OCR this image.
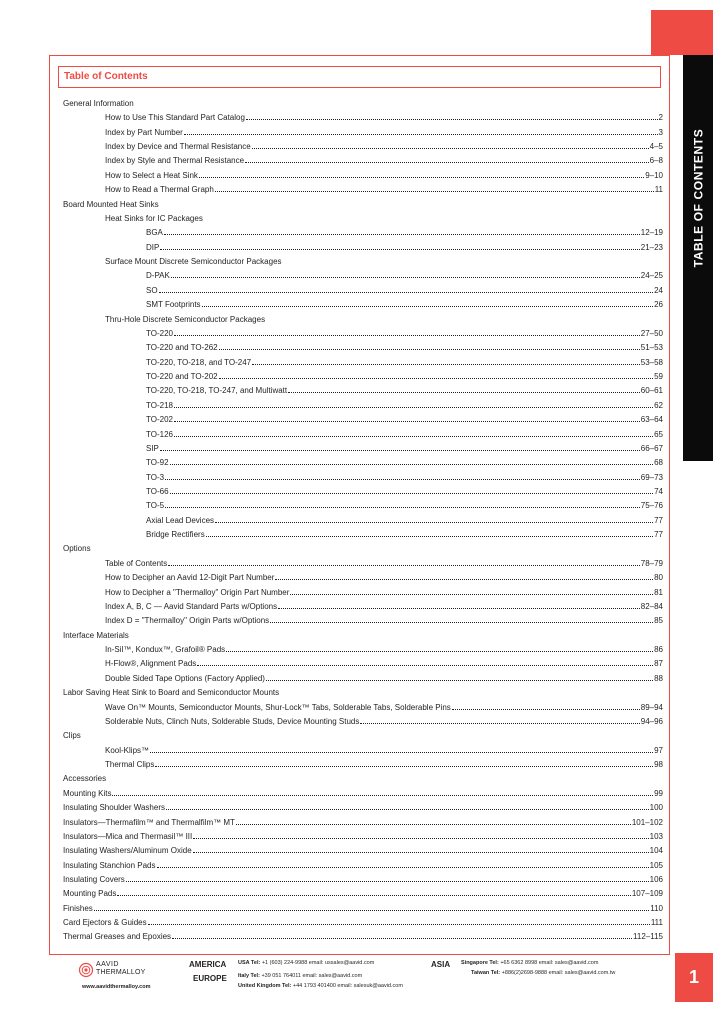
TABLE OF CONTENTS
1
Table of Contents
General Information
How to Use This Standard Part Catalog	2
Index by Part Number	3
Index by Device and Thermal Resistance	4–5
Index by Style and Thermal Resistance	6–8
How to Select a Heat Sink	9–10
How to Read a Thermal Graph	11
Board Mounted Heat Sinks
Heat Sinks for IC Packages
BGA	12–19
DIP	21–23
Surface Mount Discrete Semiconductor Packages
D-PAK	24–25
SO	24
SMT Footprints	26
Thru-Hole Discrete Semiconductor Packages
TO-220	27–50
TO-220 and TO-262	51–53
TO-220, TO-218, and TO-247	53–58
TO-220 and TO-202	59
TO-220, TO-218, TO-247, and Multiwatt	60–61
TO-218	62
TO-202	63–64
TO-126	65
SIP	66–67
TO-92	68
TO-3	69–73
TO-66	74
TO-5	75–76
Axial Lead Devices	77
Bridge Rectifiers	77
Options
Table of Contents	78–79
How to Decipher an Aavid 12-Digit Part Number	80
How to Decipher a "Thermalloy" Origin Part Number	81
Index A, B, C — Aavid Standard Parts w/Options	82–84
Index D = "Thermalloy" Origin Parts w/Options	85
Interface Materials
In-Sil™, Kondux™, Grafoil® Pads	86
H-Flow®, Alignment Pads	87
Double Sided Tape Options (Factory Applied)	88
Labor Saving Heat Sink to Board and Semiconductor Mounts
Wave On™ Mounts, Semiconductor Mounts, Shur-Lock™ Tabs, Solderable Tabs, Solderable Pins	89–94
Solderable Nuts, Clinch Nuts, Solderable Studs, Device Mounting Studs	94–96
Clips
Kool-Klips™	97
Thermal Clips	98
Accessories
Mounting Kits	99
Insulating Shoulder Washers	100
Insulators—Thermafilm™ and Thermalfilm™ MT	101–102
Insulators—Mica and Thermasil™ III	103
Insulating Washers/Aluminum Oxide	104
Insulating Stanchion Pads	105
Insulating Covers	106
Mounting Pads	107–109
Finishes	110
Card Ejectors & Guides	111
Thermal Greases and Epoxies	112–115
AAVID
THERMALLOY
www.aavidthermalloy.com
AMERICA
EUROPE
ASIA
USA Tel: +1 (603) 224-9988 email: ussales@aavid.com
Italy Tel: +39 051 764011 email: sales@aavid.com
United Kingdom Tel: +44 1793 401400 email: salesuk@aavid.com
Singapore Tel: +65 6362 8998 email: sales@aavid.com
Taiwan Tel: +886(2)2698-9888 email: sales@aavid.com.tw
